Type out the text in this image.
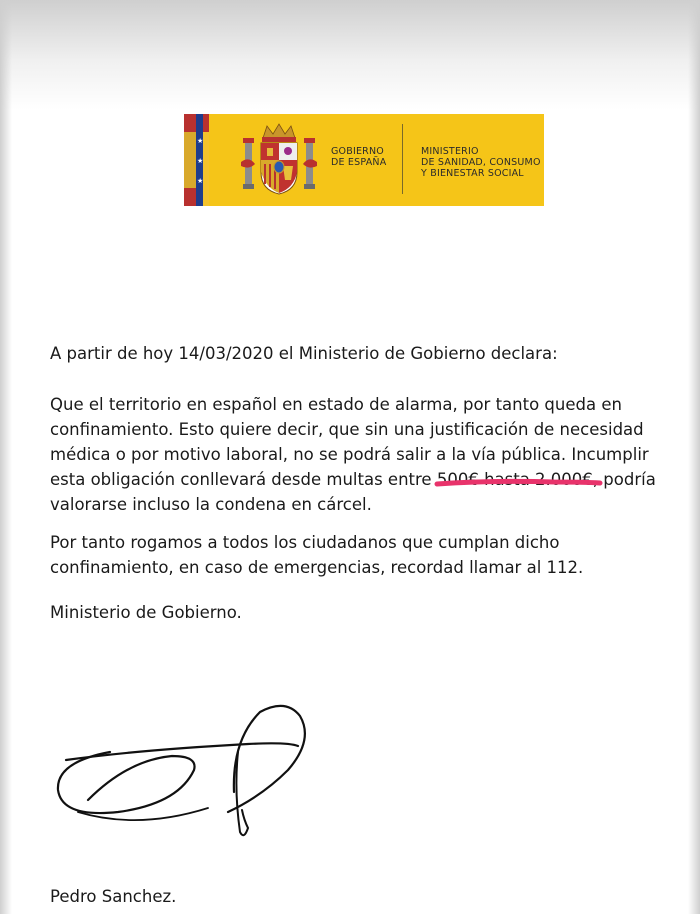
★
★
★
GOBIERNO
DE ESPAÑA
MINISTERIO
DE SANIDAD, CONSUMO
Y BIENESTAR SOCIAL

A partir de hoy 14/03/2020 el Ministerio de Gobierno declara:

Que el territorio en español en estado de alarma, por tanto queda en
confinamiento. Esto quiere decir, que sin una justificación de necesidad
médica o por motivo laboral, no se podrá salir a la vía pública. Incumplir
esta obligación conllevará desde multas entre 500€ hasta 2.000€, podría
valorarse incluso la condena en cárcel.
Por tanto rogamos a todos los ciudadanos que cumplan dicho
confinamiento, en caso de emergencias, recordad llamar al 112.

Ministerio de Gobierno.

Pedro Sanchez.
